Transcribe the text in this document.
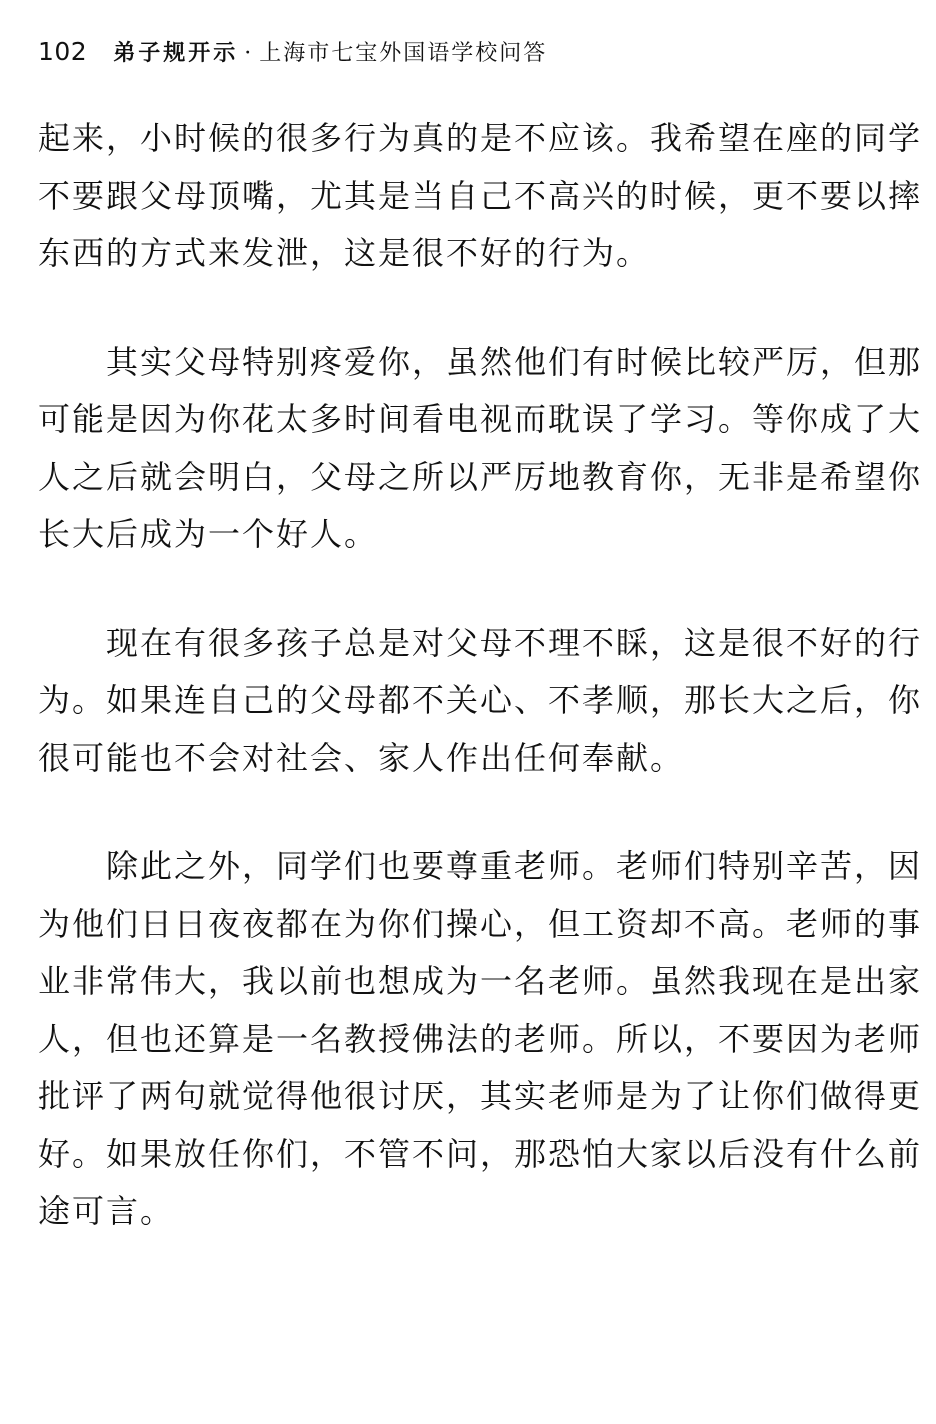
102 弟子规开示 · 上海市七宝外国语学校问答

起来，小时候的很多行为真的是不应该。我希望在座的同学

不要跟父母顶嘴，尤其是当自己不高兴的时候，更不要以摔

东西的方式来发泄，这是很不好的行为。

其实父母特别疼爱你，虽然他们有时候比较严厉，但那

可能是因为你花太多时间看电视而耽误了学习。等你成了大

人之后就会明白，父母之所以严厉地教育你，无非是希望你

长大后成为一个好人。

现在有很多孩子总是对父母不理不睬，这是很不好的行

为。如果连自己的父母都不关心、不孝顺，那长大之后，你

很可能也不会对社会、家人作出任何奉献。

除此之外，同学们也要尊重老师。老师们特别辛苦，因

为他们日日夜夜都在为你们操心，但工资却不高。老师的事

业非常伟大，我以前也想成为一名老师。虽然我现在是出家

人，但也还算是一名教授佛法的老师。所以，不要因为老师

批评了两句就觉得他很讨厌，其实老师是为了让你们做得更

好。如果放任你们，不管不问，那恐怕大家以后没有什么前

途可言。
